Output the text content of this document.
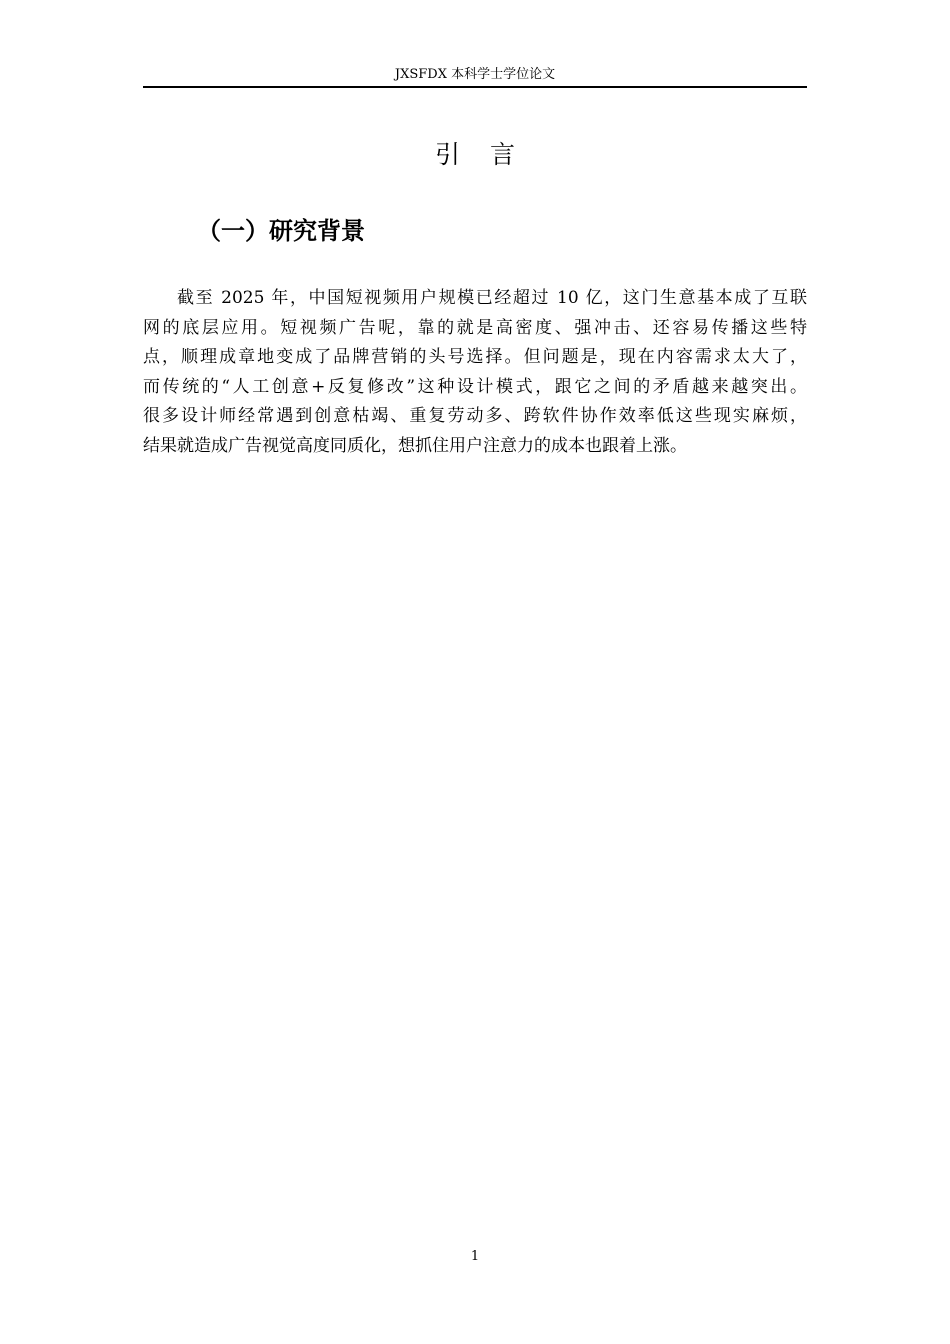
JXSFDX 本科学士学位论文
引言
（一）研究背景

截至 2025 年，中国短视频用户规模已经超过 10 亿，这门生意基本成了互联
网的底层应用。短视频广告呢，靠的就是高密度、强冲击、还容易传播这些特
点，顺理成章地变成了品牌营销的头号选择。但问题是，现在内容需求太大了，
而传统的“人工创意+反复修改”这种设计模式，跟它之间的矛盾越来越突出。
很多设计师经常遇到创意枯竭、重复劳动多、跨软件协作效率低这些现实麻烦，
结果就造成广告视觉高度同质化，想抓住用户注意力的成本也跟着上涨。

1
